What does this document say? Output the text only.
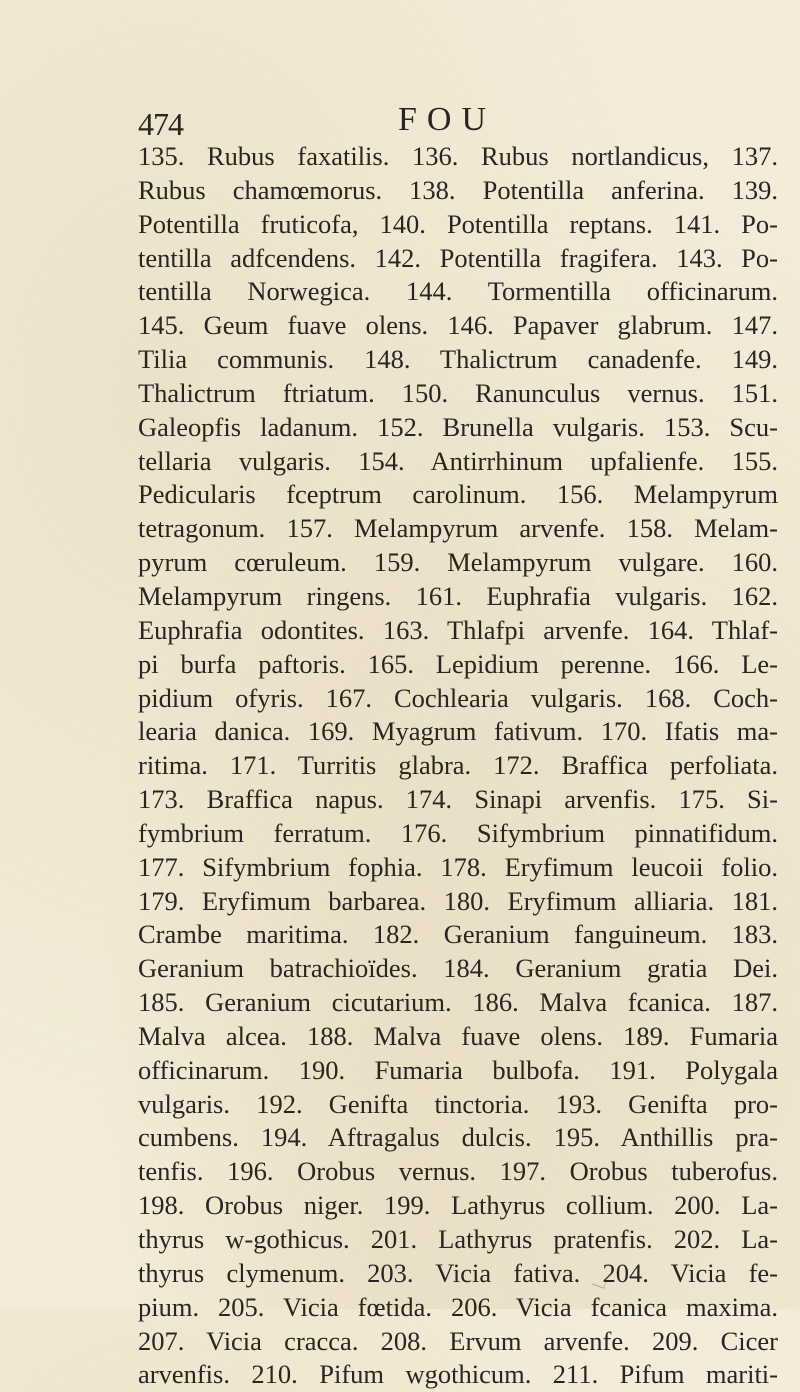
474	FOU
135. Rubus faxatilis. 136. Rubus nortlandicus, 137.
Rubus chamœmorus. 138. Potentilla anferina. 139.
Potentilla fruticofa, 140. Potentilla reptans. 141. Po-
tentilla adfcendens. 142. Potentilla fragifera. 143. Po-
tentilla Norwegica. 144. Tormentilla officinarum.
145. Geum fuave olens. 146. Papaver glabrum. 147.
Tilia communis. 148. Thalictrum canadenfe. 149.
Thalictrum ftriatum. 150. Ranunculus vernus. 151.
Galeopfis ladanum. 152. Brunella vulgaris. 153. Scu-
tellaria vulgaris. 154. Antirrhinum upfalienfe. 155.
Pedicularis fceptrum carolinum. 156. Melampyrum
tetragonum. 157. Melampyrum arvenfe. 158. Melam-
pyrum cœruleum. 159. Melampyrum vulgare. 160.
Melampyrum ringens. 161. Euphrafia vulgaris. 162.
Euphrafia odontites. 163. Thlafpi arvenfe. 164. Thlaf-
pi burfa paftoris. 165. Lepidium perenne. 166. Le-
pidium ofyris. 167. Cochlearia vulgaris. 168. Coch-
learia danica. 169. Myagrum fativum. 170. Ifatis ma-
ritima. 171. Turritis glabra. 172. Braffica perfoliata.
173. Braffica napus. 174. Sinapi arvenfis. 175. Si-
fymbrium ferratum. 176. Sifymbrium pinnatifidum.
177. Sifymbrium fophia. 178. Eryfimum leucoii folio.
179. Eryfimum barbarea. 180. Eryfimum alliaria. 181.
Crambe maritima. 182. Geranium fanguineum. 183.
Geranium batrachioïdes. 184. Geranium gratia Dei.
185. Geranium cicutarium. 186. Malva fcanica. 187.
Malva alcea. 188. Malva fuave olens. 189. Fumaria
officinarum. 190. Fumaria bulbofa. 191. Polygala
vulgaris. 192. Genifta tinctoria. 193. Genifta pro-
cumbens. 194. Aftragalus dulcis. 195. Anthillis pra-
tenfis. 196. Orobus vernus. 197. Orobus tuberofus.
198. Orobus niger. 199. Lathyrus collium. 200. La-
thyrus w-gothicus. 201. Lathyrus pratenfis. 202. La-
thyrus clymenum. 203. Vicia fativa. 204. Vicia fe-
pium. 205. Vicia fœtida. 206. Vicia fcanica maxima.
207. Vicia cracca. 208. Ervum arvenfe. 209. Cicer
arvenfis. 210. Pifum wgothicum. 211. Pifum mariti-
